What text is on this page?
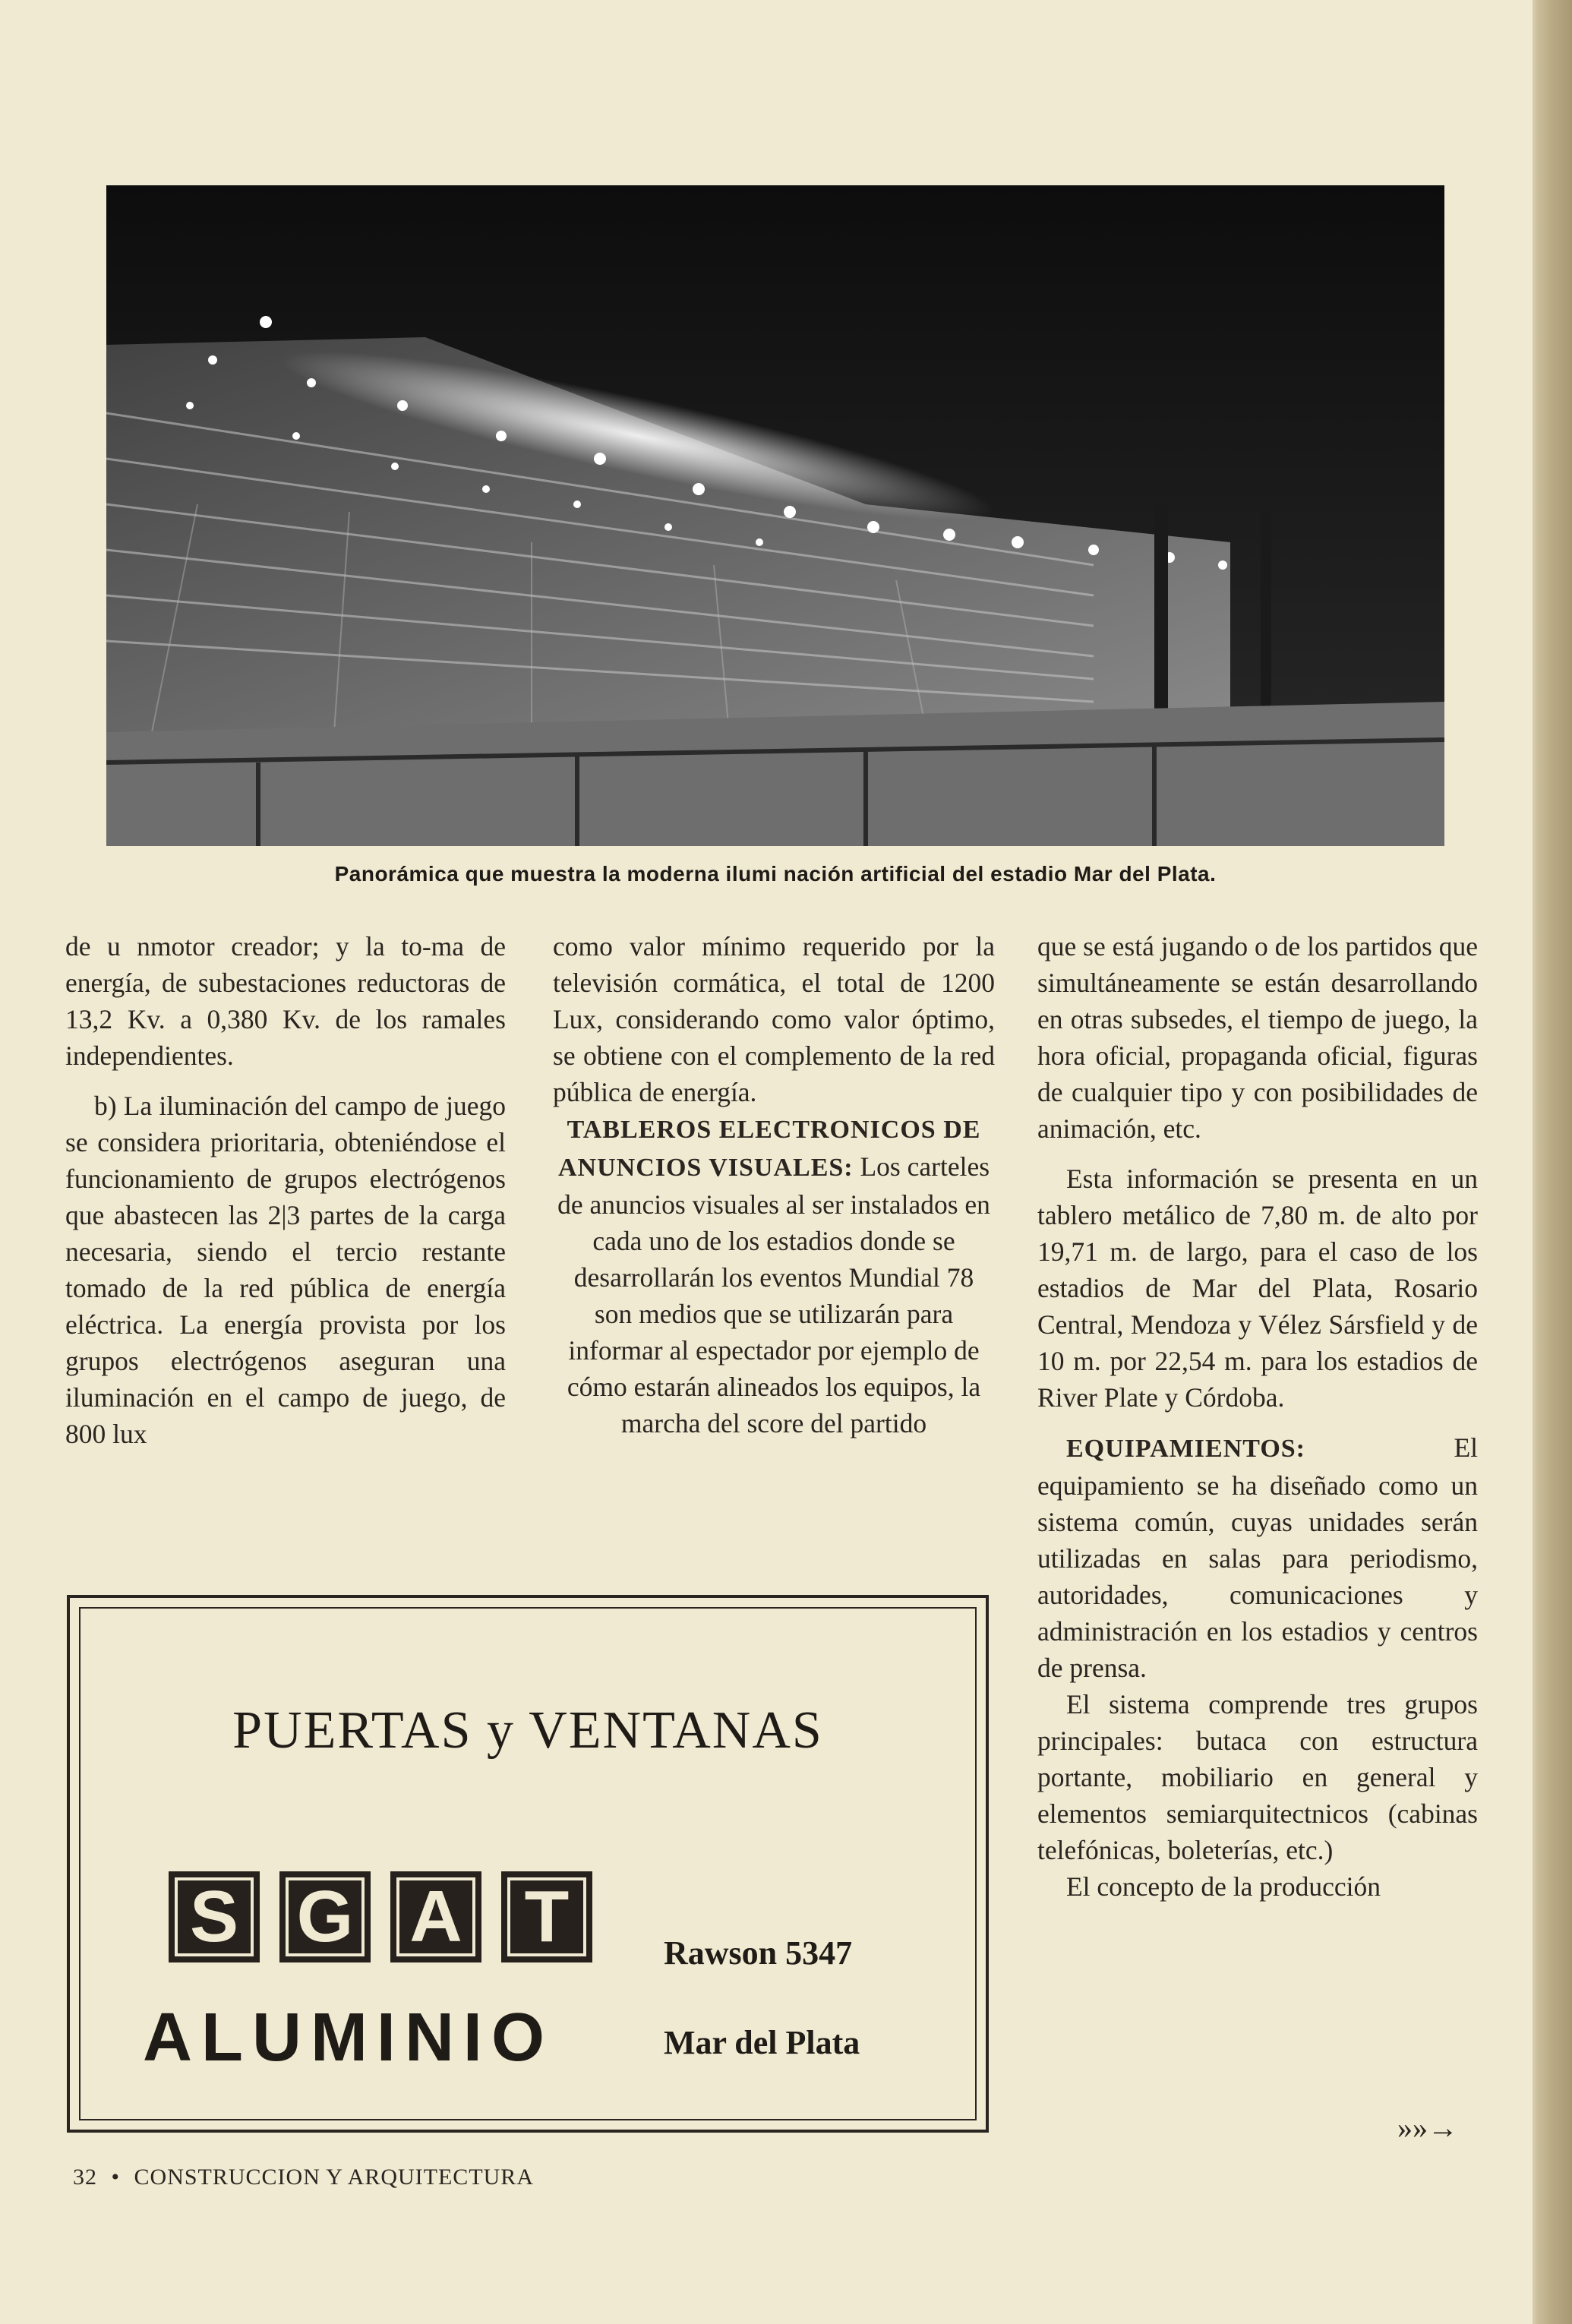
Panorámica que muestra la moderna ilumi nación artificial del estadio Mar del Plata.

de u nmotor creador; y la to-ma de energía, de subestaciones reductoras de 13,2 Kv. a 0,380 Kv. de los ramales independientes.

b) La iluminación del campo de juego se considera prioritaria, obteniéndose el funcionamiento de grupos electrógenos que abastecen las 2|3 partes de la carga necesaria, siendo el tercio restante tomado de la red pública de energía eléctrica. La energía provista por los grupos electrógenos aseguran una iluminación en el campo de juego, de 800 lux

como valor mínimo requerido por la televisión cormática, el total de 1200 Lux, considerando como valor óptimo, se obtiene con el complemento de la red pública de energía.

TABLEROS ELECTRONICOS DE ANUNCIOS VISUALES: Los carteles de anuncios visuales al ser instalados en cada uno de los estadios donde se desarrollarán los eventos Mundial 78 son medios que se utilizarán para informar al espectador por ejemplo de cómo estarán alineados los equipos, la marcha del score del partido

que se está jugando o de los partidos que simultáneamente se están desarrollando en otras subsedes, el tiempo de juego, la hora oficial, propaganda oficial, figuras de cualquier tipo y con posibilidades de animación, etc.

Esta información se presenta en un tablero metálico de 7,80 m. de alto por 19,71 m. de largo, para el caso de los estadios de Mar del Plata, Rosario Central, Mendoza y Vélez Sársfield y de 10 m. por 22,54 m. para los estadios de River Plate y Córdoba.

EQUIPAMIENTOS:	El equipamiento se ha diseñado como un sistema común, cuyas unidades serán utilizadas en salas para periodismo, autoridades, comunicaciones y administración en los estadios y centros de prensa.

El sistema comprende tres grupos principales: butaca con estructura portante, mobiliario en general y elementos semiarquitectnicos (cabinas telefónicas, boleterías, etc.)

El concepto de la producción

PUERTAS y VENTANAS
S G A T
ALUMINIO
Rawson 5347
Mar del Plata
»»→
32 • CONSTRUCCION Y ARQUITECTURA
